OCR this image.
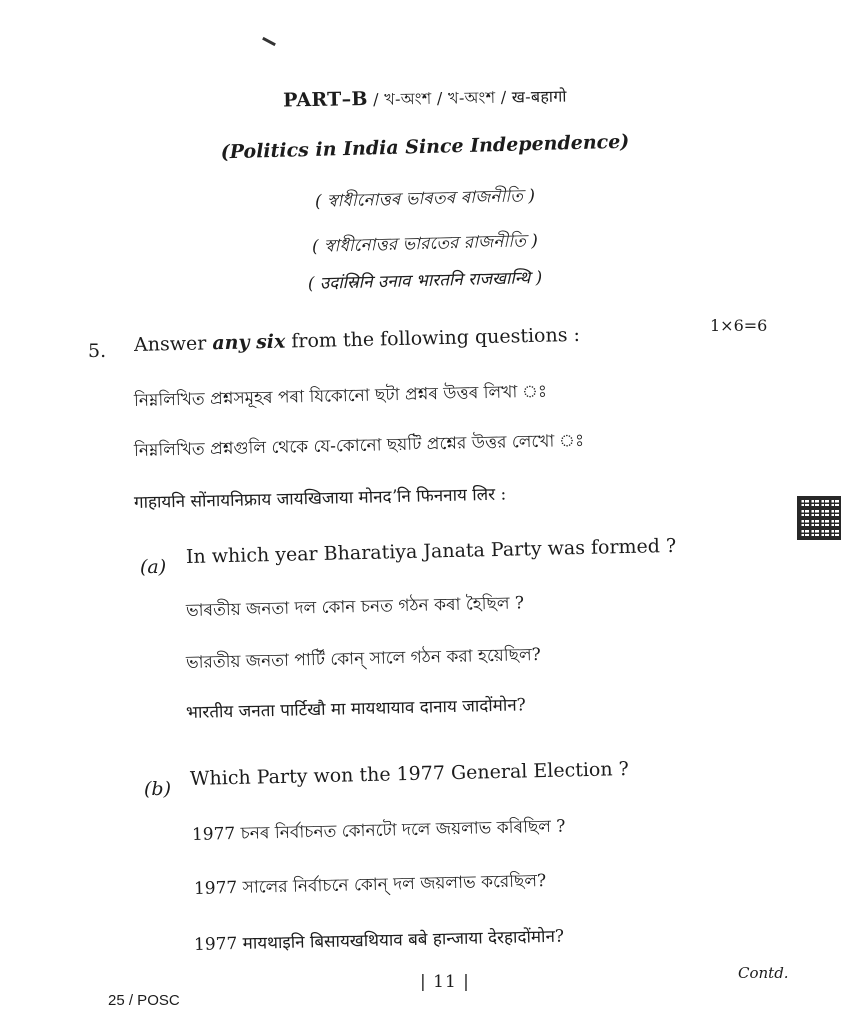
PART–B / খ-অংশ / খ-অংশ / ख-बहागो
(Politics in India Since Independence)
( স্বাধীনোত্তৰ ভাৰতৰ ৰাজনীতি )
( স্বাধীনোত্তর ভারতের রাজনীতি )
( उदांस्रिनि उनाव भारतनि राजखान्थि )
1×6=6
5. Answer any six from the following questions :
নিম্নলিখিত প্ৰশ্নসমূহৰ পৰা যিকোনো ছটা প্ৰশ্নৰ উত্তৰ লিখা ঃ
নিম্নলিখিত প্রশ্নগুলি থেকে যে-কোনো ছয়টি প্রশ্নের উত্তর লেখো ঃ
गाहायनि सोंनायनिफ्राय जायखिजाया मोनदʼनि फिननाय लिर :
(a) In which year Bharatiya Janata Party was formed ?
ভাৰতীয় জনতা দল কোন চনত গঠন কৰা হৈছিল ?
ভারতীয় জনতা পার্টি কোন্ সালে গঠন করা হয়েছিল?
भारतीय जनता पार्टिखौ मा मायथायाव दानाय जादोंमोन?
(b) Which Party won the 1977 General Election ?
1977 চনৰ নিৰ্বাচনত কোনটো দলে জয়লাভ কৰিছিল ?
1977 সালের নির্বাচনে কোন্ দল জয়লাভ করেছিল?
1977 मायथाइनि बिसायखथियाव बबे हान्जाया देरहादोंमोन?
| 11 |	Contd.
25 / POSC
